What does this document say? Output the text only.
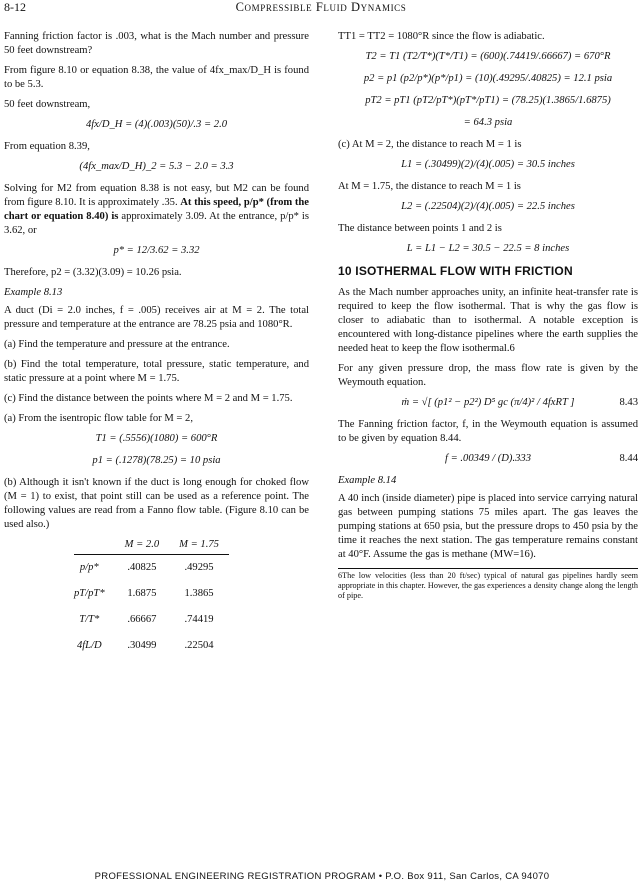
8-12	Compressible Fluid Dynamics

Fanning friction factor is .003, what is the Mach number and pressure 50 feet downstream?

From figure 8.10 or equation 8.38, the value of 4fx_max/D_H is found to be 5.3.

50 feet downstream,

4fx/D_H = (4)(.003)(50)/.3 = 2.0

From equation 8.39,

(4fx_max/D_H)_2 = 5.3 − 2.0 = 3.3

Solving for M2 from equation 8.38 is not easy, but M2 can be found from figure 8.10. It is approximately .35. At this speed, p/p* (from the chart or equation 8.40) is approximately 3.09. At the entrance, p/p* is 3.62, or

p* = 12/3.62 = 3.32

Therefore, p2 = (3.32)(3.09) = 10.26 psia.

Example 8.13

A duct (Di = 2.0 inches, f = .005) receives air at M = 2. The total pressure and temperature at the entrance are 78.25 psia and 1080°R.

(a) Find the temperature and pressure at the entrance.

(b) Find the total temperature, total pressure, static temperature, and static pressure at a point where M = 1.75.

(c) Find the distance between the points where M = 2 and M = 1.75.

(a) From the isentropic flow table for M = 2,

T1 = (.5556)(1080) = 600°R
p1 = (.1278)(78.25) = 10 psia

(b) Although it isn't known if the duct is long enough for choked flow (M = 1) to exist, that point still can be used as a reference point. The following values are read from a Fanno flow table. (Figure 8.10 can be used also.)

	M = 2.0	M = 1.75
p/p*	.40825	.49295
pT/pT*	1.6875	1.3865
T/T*	.66667	.74419
4fL/D	.30499	.22504

TT1 = TT2 = 1080°R since the flow is adiabatic.

T2 = T1 (T2/T*)(T*/T1) = (600)(.74419/.66667) = 670°R
p2 = p1 (p2/p*)(p*/p1) = (10)(.49295/.40825) = 12.1 psia
pT2 = pT1 (pT2/pT*)(pT*/pT1) = (78.25)(1.3865/1.6875)
= 64.3 psia

(c) At M = 2, the distance to reach M = 1 is

L1 = (.30499)(2)/(4)(.005) = 30.5 inches

At M = 1.75, the distance to reach M = 1 is

L2 = (.22504)(2)/(4)(.005) = 22.5 inches

The distance between points 1 and 2 is

L = L1 − L2 = 30.5 − 22.5 = 8 inches
10 ISOTHERMAL FLOW WITH FRICTION

As the Mach number approaches unity, an infinite heat-transfer rate is required to keep the flow isothermal. That is why the gas flow is closer to adiabatic than to isothermal. A notable exception is encountered with long-distance pipelines where the earth supplies the needed heat to keep the flow isothermal.6

For any given pressure drop, the mass flow rate is given by the Weymouth equation.

ṁ = √[ (p1² − p2²) D⁵ gc (π/4)² / 4fxRT ]	8.43

The Fanning friction factor, f, in the Weymouth equation is assumed to be given by equation 8.44.

f = .00349 / (D).333	8.44
Example 8.14

A 40 inch (inside diameter) pipe is placed into service carrying natural gas between pumping stations 75 miles apart. The gas leaves the pumping stations at 650 psia, but the pressure drops to 450 psia by the time it reaches the next station. The gas temperature remains constant at 40°F. Assume the gas is methane (MW=16).

6The low velocities (less than 20 ft/sec) typical of natural gas pipelines hardly seem appropriate in this chapter. However, the gas experiences a density change along the length of pipe.
PROFESSIONAL ENGINEERING REGISTRATION PROGRAM • P.O. Box 911, San Carlos, CA 94070
